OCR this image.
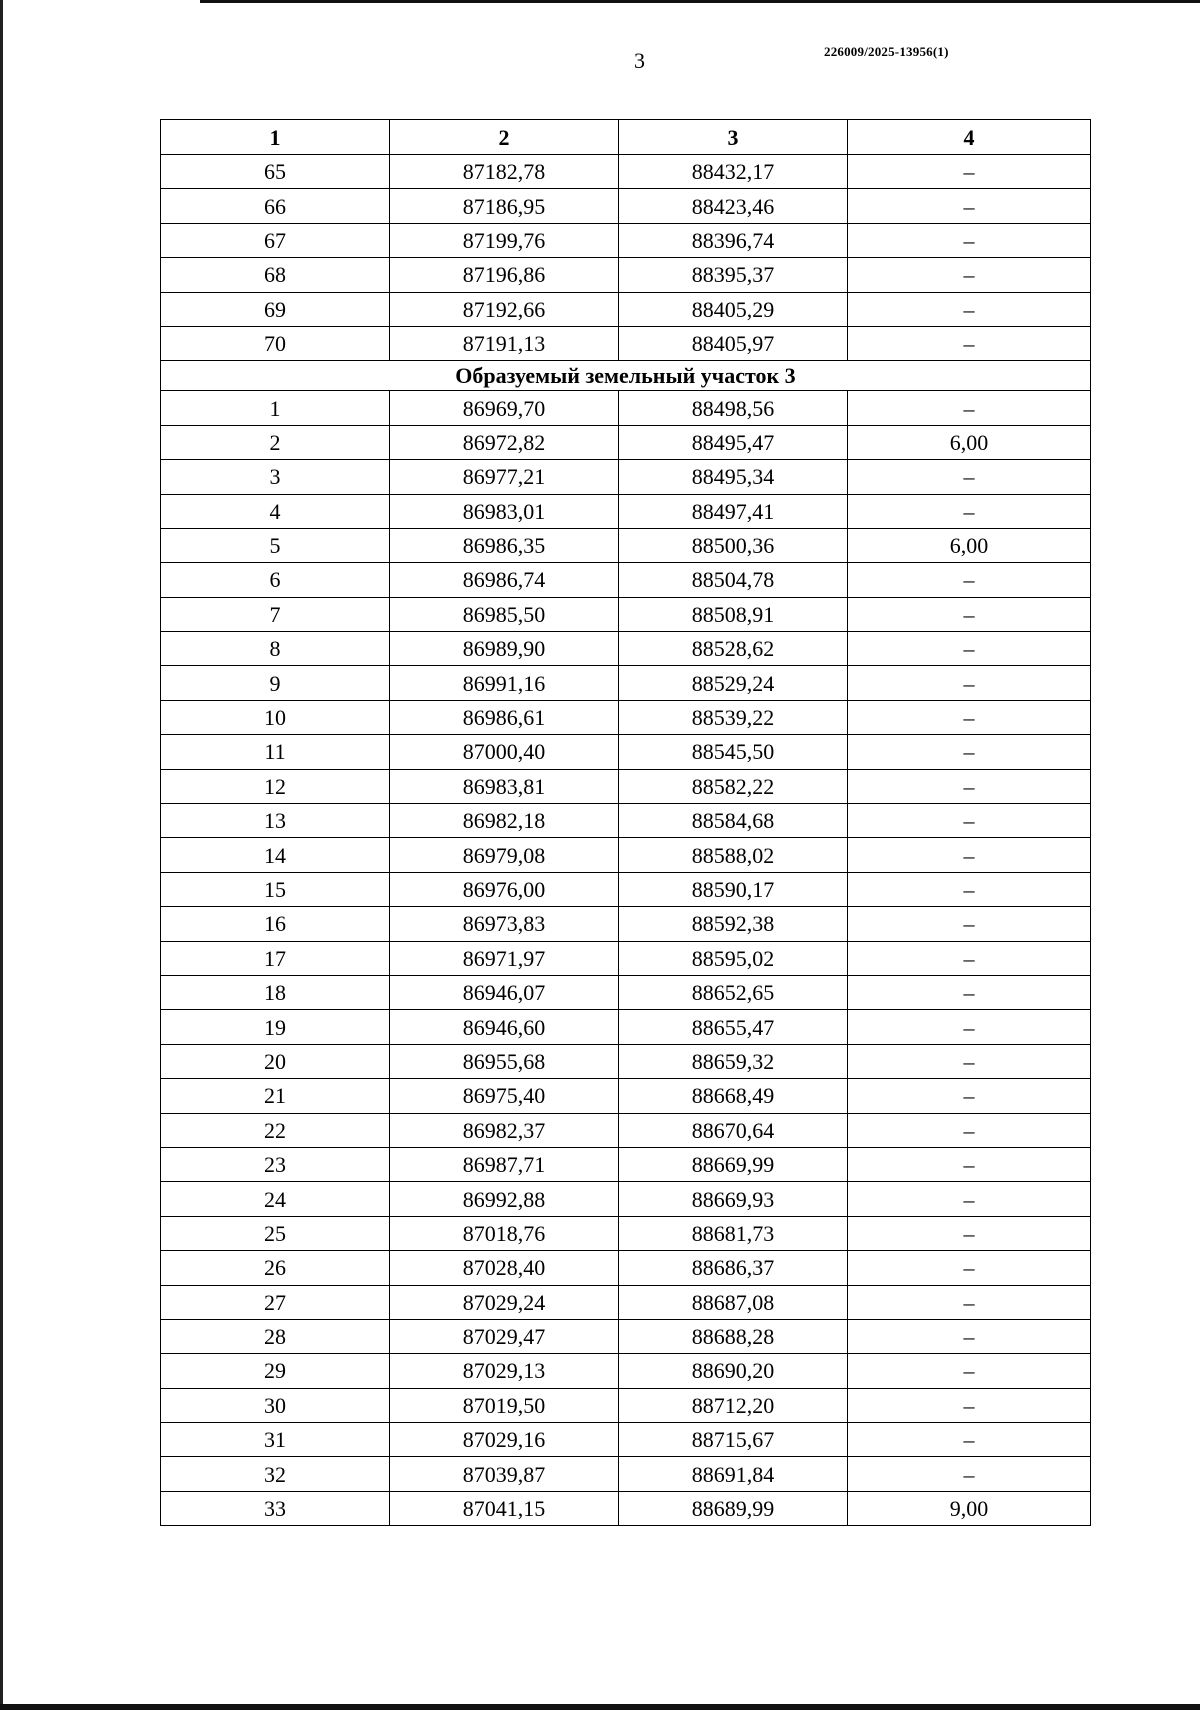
3	226009/2025-13956(1)
1	2	3	4
65	87182,78	88432,17	–
66	87186,95	88423,46	–
67	87199,76	88396,74	–
68	87196,86	88395,37	–
69	87192,66	88405,29	–
70	87191,13	88405,97	–
Образуемый земельный участок 3			
1	86969,70	88498,56	–
2	86972,82	88495,47	6,00
3	86977,21	88495,34	–
4	86983,01	88497,41	–
5	86986,35	88500,36	6,00
6	86986,74	88504,78	–
7	86985,50	88508,91	–
8	86989,90	88528,62	–
9	86991,16	88529,24	–
10	86986,61	88539,22	–
11	87000,40	88545,50	–
12	86983,81	88582,22	–
13	86982,18	88584,68	–
14	86979,08	88588,02	–
15	86976,00	88590,17	–
16	86973,83	88592,38	–
17	86971,97	88595,02	–
18	86946,07	88652,65	–
19	86946,60	88655,47	–
20	86955,68	88659,32	–
21	86975,40	88668,49	–
22	86982,37	88670,64	–
23	86987,71	88669,99	–
24	86992,88	88669,93	–
25	87018,76	88681,73	–
26	87028,40	88686,37	–
27	87029,24	88687,08	–
28	87029,47	88688,28	–
29	87029,13	88690,20	–
30	87019,50	88712,20	–
31	87029,16	88715,67	–
32	87039,87	88691,84	–
33	87041,15	88689,99	9,00
